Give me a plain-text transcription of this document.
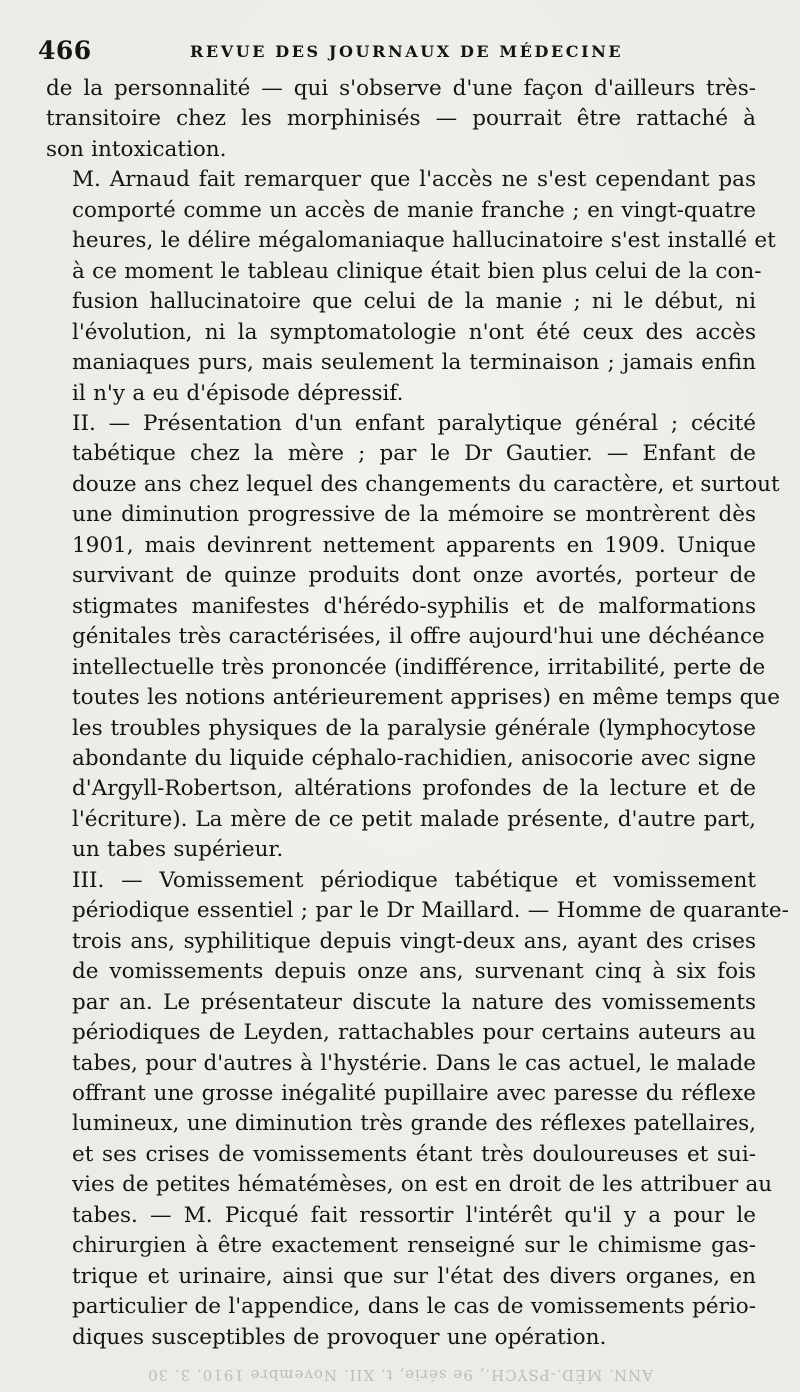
466	REVUE DES JOURNAUX DE MÉDECINE

de la personnalité — qui s'observe d'une façon d'ailleurs très-
transitoire chez les morphinisés — pourrait être rattaché à
son intoxication.

M. Arnaud fait remarquer que l'accès ne s'est cependant pas
comporté comme un accès de manie franche ; en vingt-quatre
heures, le délire mégalomaniaque hallucinatoire s'est installé et
à ce moment le tableau clinique était bien plus celui de la con-
fusion hallucinatoire que celui de la manie ; ni le début, ni
l'évolution, ni la symptomatologie n'ont été ceux des accès
maniaques purs, mais seulement la terminaison ; jamais enfin
il n'y a eu d'épisode dépressif.

II. — Présentation d'un enfant paralytique général ; cécité
tabétique chez la mère ; par le Dr Gautier. — Enfant de
douze ans chez lequel des changements du caractère, et surtout
une diminution progressive de la mémoire se montrèrent dès
1901, mais devinrent nettement apparents en 1909. Unique
survivant de quinze produits dont onze avortés, porteur de
stigmates manifestes d'hérédo-syphilis et de malformations
génitales très caractérisées, il offre aujourd'hui une déchéance
intellectuelle très prononcée (indifférence, irritabilité, perte de
toutes les notions antérieurement apprises) en même temps que
les troubles physiques de la paralysie générale (lymphocytose
abondante du liquide céphalo-rachidien, anisocorie avec signe
d'Argyll-Robertson, altérations profondes de la lecture et de
l'écriture). La mère de ce petit malade présente, d'autre part,
un tabes supérieur.

III. — Vomissement périodique tabétique et vomissement
périodique essentiel ; par le Dr Maillard. — Homme de quarante-
trois ans, syphilitique depuis vingt-deux ans, ayant des crises
de vomissements depuis onze ans, survenant cinq à six fois
par an. Le présentateur discute la nature des vomissements
périodiques de Leyden, rattachables pour certains auteurs au
tabes, pour d'autres à l'hystérie. Dans le cas actuel, le malade
offrant une grosse inégalité pupillaire avec paresse du réflexe
lumineux, une diminution très grande des réflexes patellaires,
et ses crises de vomissements étant très douloureuses et sui-
vies de petites hématémèses, on est en droit de les attribuer au
tabes. — M. Picqué fait ressortir l'intérêt qu'il y a pour le
chirurgien à être exactement renseigné sur le chimisme gas-
trique et urinaire, ainsi que sur l'état des divers organes, en
particulier de l'appendice, dans le cas de vomissements pério-
diques susceptibles de provoquer une opération.

ANN. MÉD.-PSYCH., 9e série, t. XII. Novembre 1910. 3. 30
